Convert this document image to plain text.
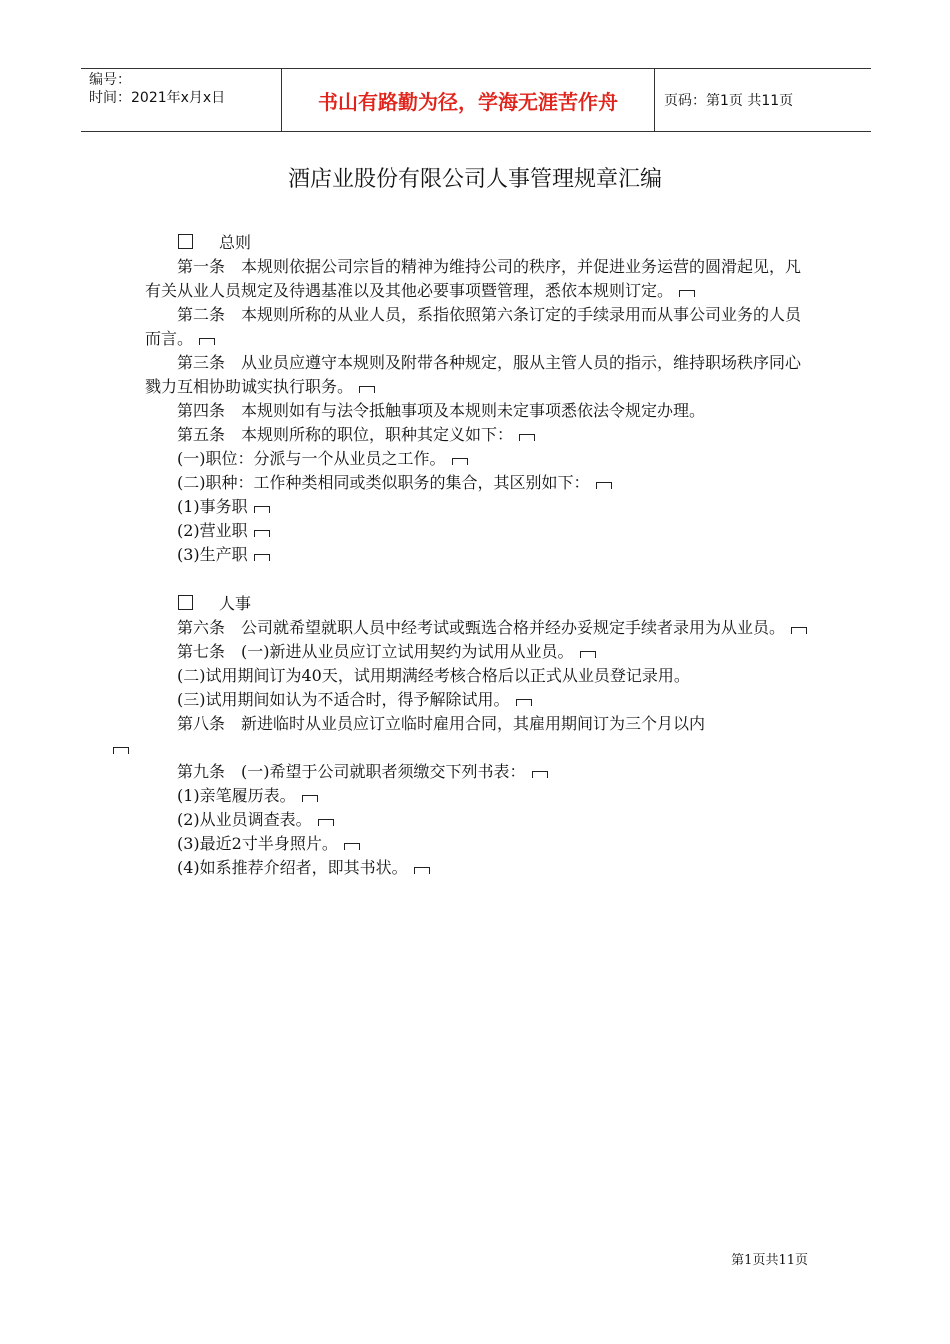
编号：
时间：2021年x月x日	书山有路勤为径，学海无涯苦作舟	页码：第1页 共11页
酒店业股份有限公司人事管理规章汇编
总则

第一条　本规则依据公司宗旨的精神为维持公司的秩序，并促进业务运营的圆滑起见，凡有关从业人员规定及待遇基准以及其他必要事项暨管理，悉依本规则订定。

第二条　本规则所称的从业人员，系指依照第六条订定的手续录用而从事公司业务的人员而言。

第三条　从业员应遵守本规则及附带各种规定，服从主管人员的指示，维持职场秩序同心戮力互相协助诚实执行职务。

第四条　本规则如有与法令抵触事项及本规则未定事项悉依法令规定办理。

第五条　本规则所称的职位，职种其定义如下：

(一)职位：分派与一个从业员之工作。

(二)职种：工作种类相同或类似职务的集合，其区别如下：

(1)事务职

(2)营业职

(3)生产职

人事

第六条　公司就希望就职人员中经考试或甄选合格并经办妥规定手续者录用为从业员。

第七条　(一)新进从业员应订立试用契约为试用从业员。

(二)试用期间订为40天，试用期满经考核合格后以正式从业员登记录用。

(三)试用期间如认为不适合时，得予解除试用。

第八条　新进临时从业员应订立临时雇用合同，其雇用期间订为三个月以内

第九条　(一)希望于公司就职者须缴交下列书表：

(1)亲笔履历表。

(2)从业员调查表。

(3)最近2寸半身照片。

(4)如系推荐介绍者，即其书状。

第1页共11页
